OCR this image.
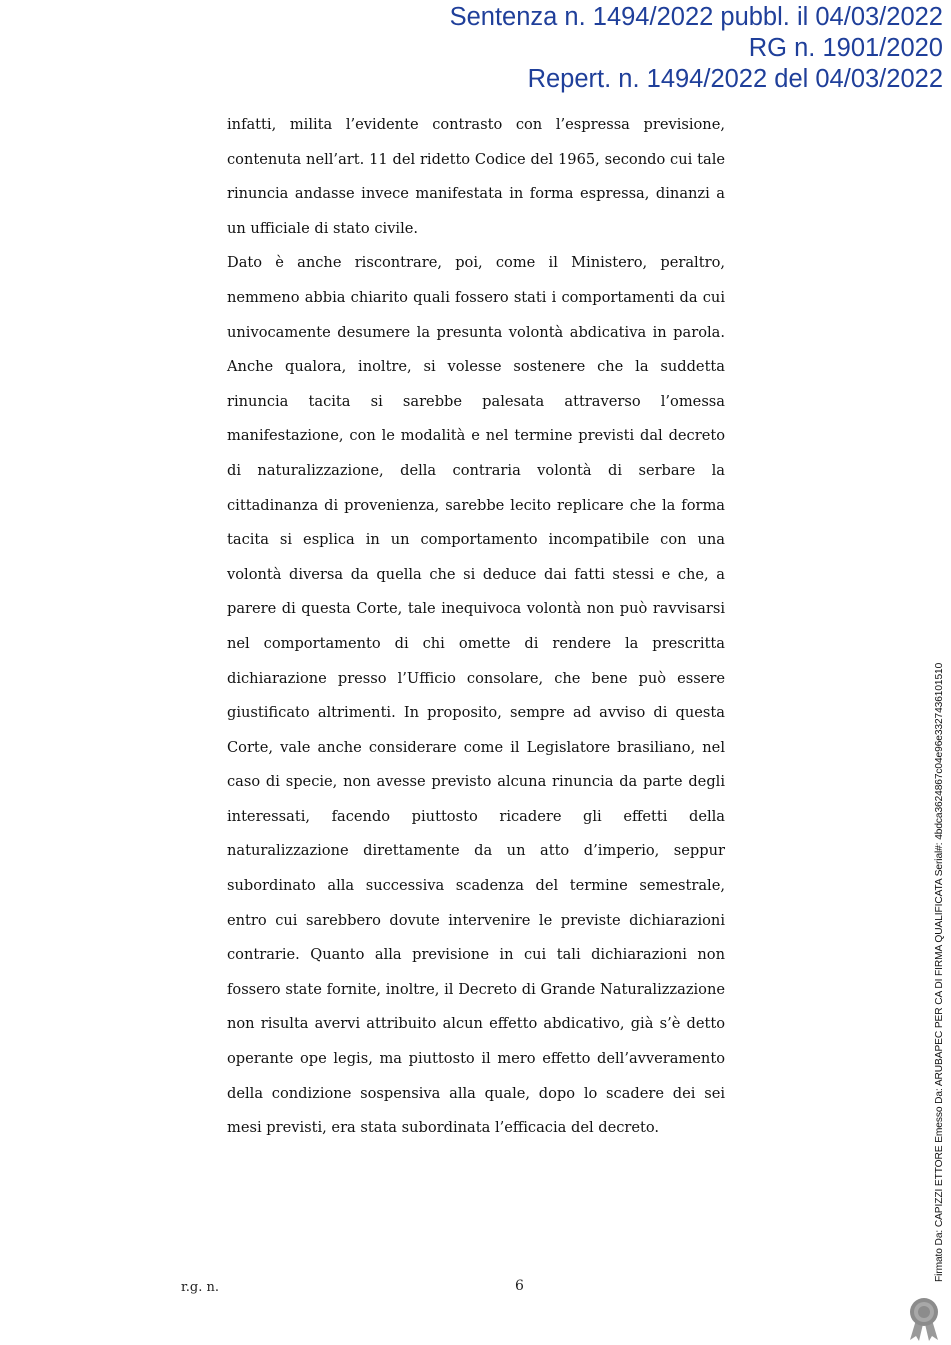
Sentenza n. 1494/2022 pubbl. il 04/03/2022
RG n. 1901/2020
Repert. n. 1494/2022 del 04/03/2022

infatti, milita l’evidente contrasto con l’espressa previsione, contenuta nell’art. 11 del ridetto Codice del 1965, secondo cui tale rinuncia andasse invece manifestata in forma espressa, dinanzi a un ufficiale di stato civile.

Dato è anche riscontrare, poi, come il Ministero, peraltro, nemmeno abbia chiarito quali fossero stati i comportamenti da cui univocamente desumere la presunta volontà abdicativa in parola. Anche qualora, inoltre, si volesse sostenere che la suddetta rinuncia tacita si sarebbe palesata attraverso l’omessa manifestazione, con le modalità e nel termine previsti dal decreto di naturalizzazione, della contraria volontà di serbare la cittadinanza di provenienza, sarebbe lecito replicare che la forma tacita si esplica in un comportamento incompatibile con una volontà diversa da quella che si deduce dai fatti stessi e che, a parere di questa Corte, tale inequivoca volontà non può ravvisarsi nel comportamento di chi omette di rendere la prescritta dichiarazione presso l’Ufficio consolare, che bene può essere giustificato altrimenti. In proposito, sempre ad avviso di questa Corte, vale anche considerare come il Legislatore brasiliano, nel caso di specie, non avesse previsto alcuna rinuncia da parte degli interessati, facendo piuttosto ricadere gli effetti della naturalizzazione direttamente da un atto d’imperio, seppur subordinato alla successiva scadenza del termine semestrale, entro cui sarebbero dovute intervenire le previste dichiarazioni contrarie. Quanto alla previsione in cui tali dichiarazioni non fossero state fornite, inoltre, il Decreto di Grande Naturalizzazione non risulta avervi attribuito alcun effetto abdicativo, già s’è detto operante ope legis, ma piuttosto il mero effetto dell’avveramento della condizione sospensiva alla quale, dopo lo scadere dei sei mesi previsti, era stata subordinata l’efficacia del decreto.

r.g. n.	6
Firmato Da: CAPIZZI ETTORE Emesso Da: ARUBAPEC PER CA DI FIRMA QUALIFICATA Serial#: 4bdca3624867c04e96e3327436101510
